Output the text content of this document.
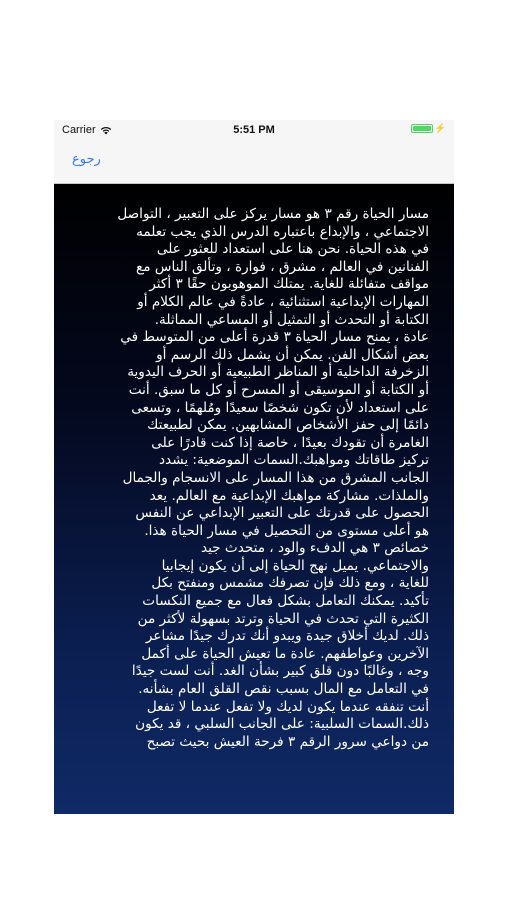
Carrier	5:51 PM	⚡
رجوع

مسار الحياة رقم ٣ هو مسار يركز على التعبير ، التواصل
الاجتماعي ، والإبداع باعتباره الدرس الذي يجب تعلمه
في هذه الحياة. نحن هنا على استعداد للعثور على
الفنانين في العالم ، مشرق ، فوارة ، وتألق الناس مع
مواقف متفائلة للغاية. يمتلك الموهوبون حقًا ٣ أكثر
المهارات الإبداعية استثنائية ، عادةً في عالم الكلام أو
الكتابة أو التحدث أو التمثيل أو المساعي المماثلة.
عادة ، يمنح مسار الحياة ٣ قدرة أعلى من المتوسط في
بعض أشكال الفن. يمكن أن يشمل ذلك الرسم أو
الزخرفة الداخلية أو المناظر الطبيعية أو الحرف اليدوية
أو الكتابة أو الموسيقى أو المسرح أو كل ما سبق. أنت
على استعداد لأن تكون شخصًا سعيدًا ومُلهمًا ، وتسعى
دائمًا إلى حفز الأشخاص المشابهين. يمكن لطبيعتك
الغامرة أن تقودك بعيدًا ، خاصة إذا كنت قادرًا على
تركيز طاقاتك ومواهبك.السمات الموضعية: يشدد
الجانب المشرق من هذا المسار على الانسجام والجمال
والملذات. مشاركة مواهبك الإبداعية مع العالم. يعد
الحصول على قدرتك على التعبير الإبداعي عن النفس
هو أعلى مستوى من التحصيل في مسار الحياة هذا.
خصائص ٣ هي الدفء والود ، متحدث جيد
والاجتماعي. يميل نهج الحياة إلى أن يكون إيجابيا
للغاية ، ومع ذلك فإن تصرفك مشمس ومنفتح بكل
تأكيد. يمكنك التعامل بشكل فعال مع جميع النكسات
الكثيرة التي تحدث في الحياة وترتد بسهولة لأكثر من
ذلك. لديك أخلاق جيدة ويبدو أنك تدرك جيدًا مشاعر
الآخرين وعواطفهم. عادة ما تعيش الحياة على أكمل
وجه ، وغالبًا دون قلق كبير بشأن الغد. أنت لست جيدًا
في التعامل مع المال بسبب نقص القلق العام بشأنه.
أنت تنفقه عندما يكون لديك ولا تفعل عندما لا تفعل
ذلك.السمات السلبية: على الجانب السلبي ، قد يكون
من دواعي سرور الرقم ٣ فرحة العيش بحيث تصبح
